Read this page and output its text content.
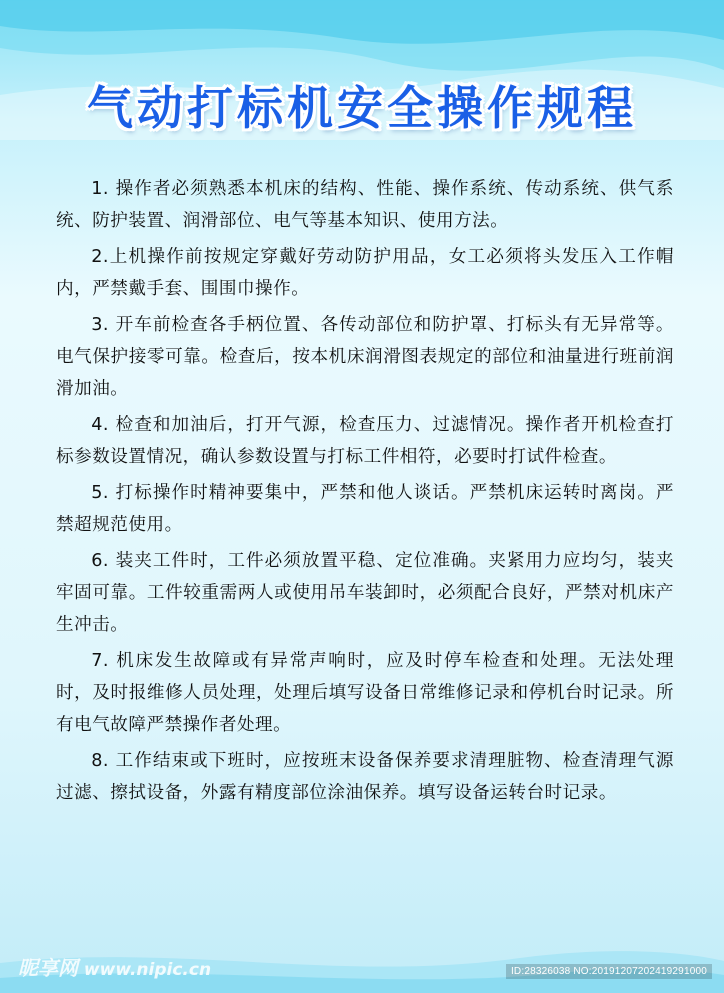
气动打标机安全操作规程

1. 操作者必须熟悉本机床的结构、性能、操作系统、传动系统、供气系统、防护装置、润滑部位、电气等基本知识、使用方法。

2.上机操作前按规定穿戴好劳动防护用品，女工必须将头发压入工作帽内，严禁戴手套、围围巾操作。

3. 开车前检查各手柄位置、各传动部位和防护罩、打标头有无异常等。电气保护接零可靠。检查后，按本机床润滑图表规定的部位和油量进行班前润滑加油。

4. 检查和加油后，打开气源，检查压力、过滤情况。操作者开机检查打标参数设置情况，确认参数设置与打标工件相符，必要时打试件检查。

5. 打标操作时精神要集中，严禁和他人谈话。严禁机床运转时离岗。严禁超规范使用。

6. 装夹工件时，工件必须放置平稳、定位准确。夹紧用力应均匀，装夹牢固可靠。工件较重需两人或使用吊车装卸时，必须配合良好，严禁对机床产生冲击。

7. 机床发生故障或有异常声响时，应及时停车检查和处理。无法处理时，及时报维修人员处理，处理后填写设备日常维修记录和停机台时记录。所有电气故障严禁操作者处理。

8. 工作结束或下班时，应按班末设备保养要求清理脏物、检查清理气源过滤、擦拭设备，外露有精度部位涂油保养。填写设备运转台时记录。

昵享网 www.nipic.cn	ID:28326038 NO:20191207202419291000
